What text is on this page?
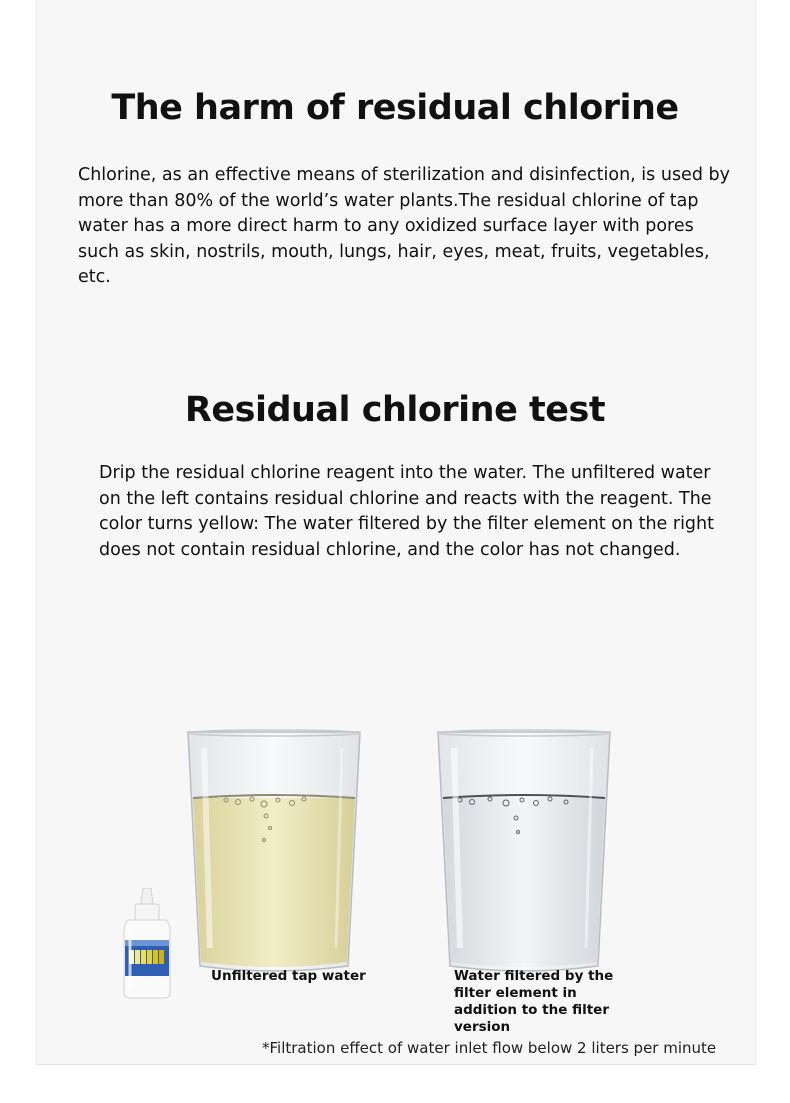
The harm of residual chlorine

Chlorine, as an effective means of sterilization and disinfection, is used by more than 80% of the world’s water plants.The residual chlorine of tap water has a more direct harm to any oxidized surface layer with pores such as skin, nostrils, mouth, lungs, hair, eyes, meat, fruits, vegetables, etc.

Residual chlorine test

Drip the residual chlorine reagent into the water. The unfiltered water on the left contains residual chlorine and reacts with the reagent. The color turns yellow: The water filtered by the filter element on the right does not contain residual chlorine, and the color has not changed.

Unfiltered tap water	Water filtered by the filter element in addition to the filter version
*Filtration effect of water inlet flow below 2 liters per minute
